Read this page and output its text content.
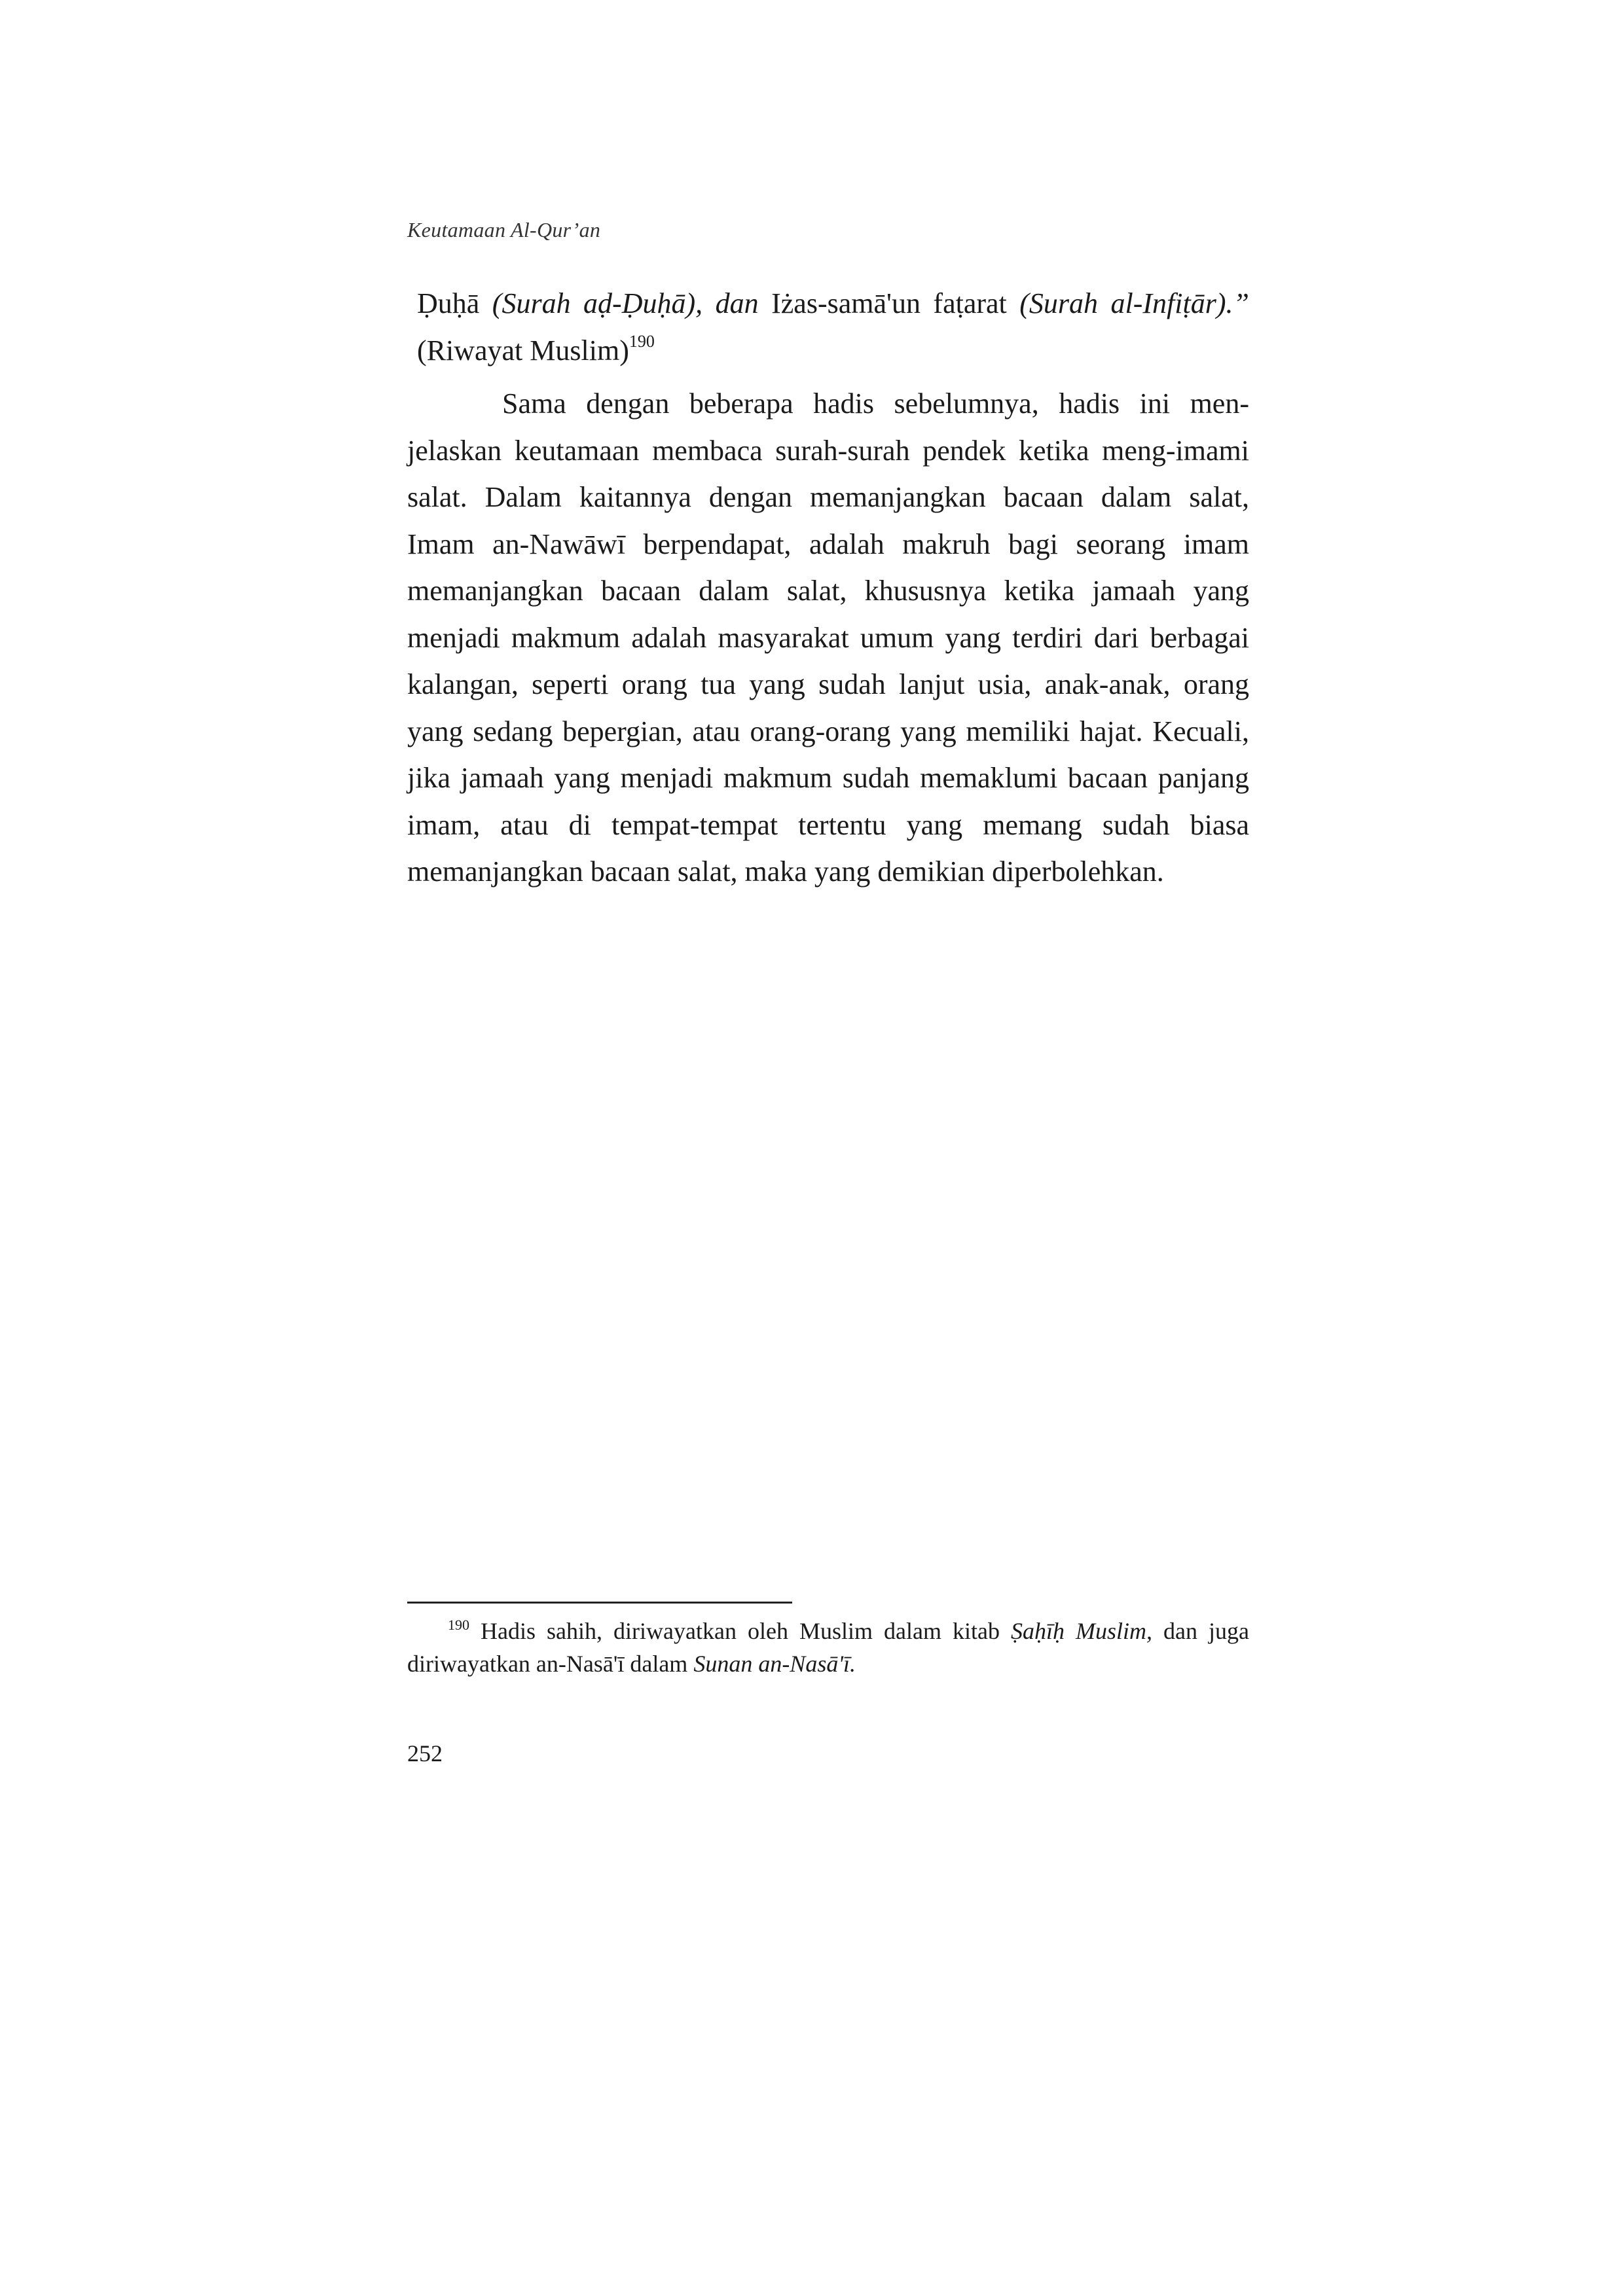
Keutamaan Al-Qur’an
Ḍuḥā (Surah aḍ-Ḍuḥā), dan Iżas-samā'un faṭarat (Surah al-Infiṭār).” (Riwayat Muslim)$^{190}$
Sama dengan beberapa hadis sebelumnya, hadis ini men-jelaskan keutamaan membaca surah-surah pendek ketika meng-imami salat. Dalam kaitannya dengan memanjangkan bacaan dalam salat, Imam an-Nawāwī berpendapat, adalah makruh bagi seorang imam memanjangkan bacaan dalam salat, khususnya ketika jamaah yang menjadi makmum adalah masyarakat umum yang terdiri dari berbagai kalangan, seperti orang tua yang sudah lanjut usia, anak-anak, orang yang sedang bepergian, atau orang-orang yang memiliki hajat. Kecuali, jika jamaah yang menjadi makmum sudah memaklumi bacaan panjang imam, atau di tempat-tempat tertentu yang memang sudah biasa memanjangkan bacaan salat, maka yang demikian diperbolehkan.
$^{190}$ Hadis sahih, diriwayatkan oleh Muslim dalam kitab Ṣaḥīḥ Muslim, dan juga diriwayatkan an-Nasā'ī dalam Sunan an-Nasā'ī.
252
